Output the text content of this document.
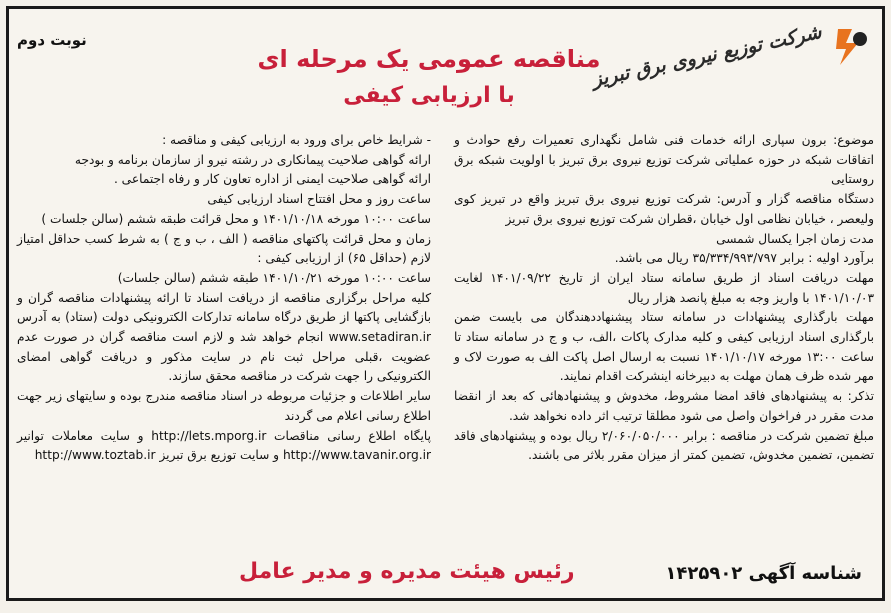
نوبت دوم
مناقصه عمومی یک مرحله ای
با ارزیابی کیفی
شرکت توزیع نیروی برق تبریز

موضوع: برون سپاری ارائه خدمات فنی شامل نگهداری تعمیرات رفع حوادث و اتفاقات شبکه در حوزه عملیاتی شرکت توزیع نیروی برق تبریز با اولویت شبکه برق روستایی

دستگاه مناقصه گزار و آدرس: شرکت توزیع نیروی برق تبریز واقع در تبریز کوی ولیعصر ، خیابان نظامی اول خیابان ،قطران شرکت توزیع نیروی برق تبریز

مدت زمان اجرا یکسال شمسی

برآورد اولیه : برابر ۳۵/۳۳۴/۹۹۳/۷۹۷ ریال می باشد.

مهلت دریافت اسناد از طریق سامانه ستاد ایران از تاریخ ۱۴۰۱/۰۹/۲۲ لغایت ۱۴۰۱/۱۰/۰۳ با واریز وجه به مبلغ پانصد هزار ریال

مهلت بارگذاری پیشنهادات در سامانه ستاد پیشنهاددهندگان می بایست ضمن بارگذاری اسناد ارزیابی کیفی و کلیه مدارک پاکات ،الف، ب و ج در سامانه ستاد تا ساعت ۱۳:۰۰ مورخه ۱۴۰۱/۱۰/۱۷ نسبت به ارسال اصل پاکت الف به صورت لاک و مهر شده ظرف همان مهلت به دبیرخانه اینشرکت اقدام نمایند.

تذکر: به پیشنهادهای فاقد امضا مشروط، مخدوش و پیشنهادهائی که بعد از انقضا مدت مقرر در فراخوان واصل می شود مطلقا ترتیب اثر داده نخواهد شد.

مبلغ تضمین شرکت در مناقصه : برابر ۲/۰۶۰/۰۵۰/۰۰۰ ریال بوده و پیشنهادهای فاقد تضمین، تضمین مخدوش، تضمین کمتر از میزان مقرر بلاثر می باشند.

- شرایط خاص برای ورود به ارزیابی کیفی و مناقصه :

ارائه گواهی صلاحیت پیمانکاری در رشته نیرو از سازمان برنامه و بودجه

ارائه گواهی صلاحیت ایمنی از اداره تعاون کار و رفاه اجتماعی .

ساعت روز و محل افتتاح اسناد ارزیابی کیفی

ساعت ۱۰:۰۰ مورخه ۱۴۰۱/۱۰/۱۸ و محل قرائت طبقه ششم (سالن جلسات )

زمان و محل قرائت پاکتهای مناقصه ( الف ، ب و ج ) به شرط کسب حداقل امتیاز لازم (حداقل ۶۵) از ارزیابی کیفی :

ساعت ۱۰:۰۰ مورخه ۱۴۰۱/۱۰/۲۱ طبقه ششم (سالن جلسات)

کلیه مراحل برگزاری مناقصه از دریافت اسناد تا ارائه پیشنهادات مناقصه گران و بازگشایی پاکتها از طریق درگاه سامانه تدارکات الکترونیکی دولت (ستاد) به آدرس www.setadiran.ir انجام خواهد شد و لازم است مناقصه گران در صورت عدم عضویت ،قبلی مراحل ثبت نام در سایت مذکور و دریافت گواهی امضای الکترونیکی را جهت شرکت در مناقصه محقق سازند.

سایر اطلاعات و جزئیات مربوطه در اسناد مناقصه مندرج بوده و سایتهای زیر جهت اطلاع رسانی اعلام می گردند

پایگاه اطلاع رسانی مناقصات http://lets.mporg.ir و سایت معاملات توانیر http://www.tavanir.org.ir و سایت توزیع برق تبریز http://www.toztab.ir

رئیس هیئت مدیره و مدیر عامل	شناسه آگهی ۱۴۲۵۹۰۲
